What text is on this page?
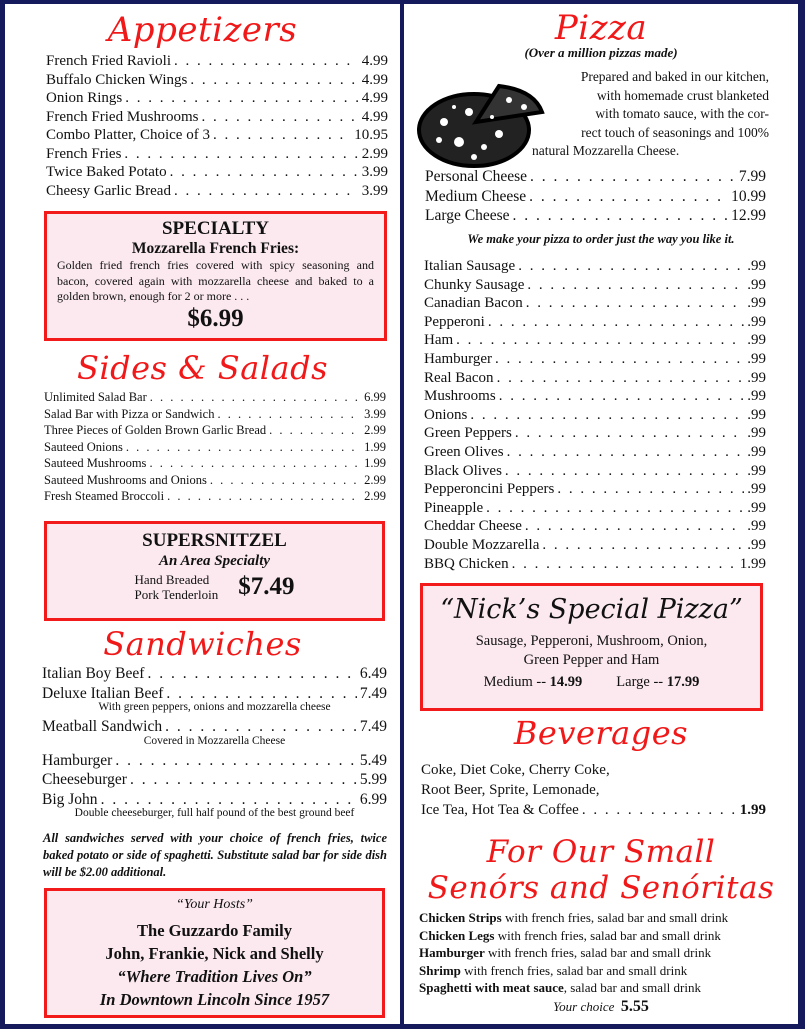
Appetizers
French Fried Ravioli . . .	4.99
Buffalo Chicken Wings . . .	4.99
Onion Rings . . .	4.99
French Fried Mushrooms . . .	4.99
Combo Platter, Choice of 3 . . .	10.95
French Fries . . .	2.99
Twice Baked Potato . . .	3.99
Cheesy Garlic Bread . . .	3.99
SPECIALTY
Mozzarella French Fries:
Golden fried french fries covered with spicy seasoning and bacon, covered again with mozzarella cheese and baked to a golden brown, enough for 2 or more . . .
$6.99
Sides & Salads
Unlimited Salad Bar . . .	6.99
Salad Bar with Pizza or Sandwich . . .	3.99
Three Pieces of Golden Brown Garlic Bread . . .	2.99
Sauteed Onions . . .	1.99
Sauteed Mushrooms . . .	1.99
Sauteed Mushrooms and Onions . . .	2.99
Fresh Steamed Broccoli . . .	2.99
SUPERSNITZEL
An Area Specialty
Hand Breaded
Pork Tenderloin $7.49
Sandwiches
Italian Boy Beef . . .	6.49
Deluxe Italian Beef . . .	7.49
With green peppers, onions and mozzarella cheese
Meatball Sandwich . . .	7.49
Covered in Mozzarella Cheese
Hamburger . . .	5.49
Cheeseburger . . .	5.99
Big John . . .	6.99
Double cheeseburger, full half pound of the best ground beef
All sandwiches served with your choice of french fries, twice baked potato or side of spaghetti. Substitute salad bar for side dish will be $2.00 additional.
“Your Hosts”
The Guzzardo Family
John, Frankie, Nick and Shelly
“Where Tradition Lives On”
In Downtown Lincoln Since 1957
Pizza
(Over a million pizzas made)
Prepared and baked in our kitchen,
with homemade crust blanketed
with tomato sauce, with the cor-
rect touch of seasonings and 100%
natural Mozzarella Cheese.
Personal Cheese . . .	7.99
Medium Cheese . . .	10.99
Large Cheese . . .	12.99
We make your pizza to order just the way you like it.
Italian Sausage . . .	.99
Chunky Sausage . . .	.99
Canadian Bacon . . .	.99
Pepperoni . . .	.99
Ham . . .	.99
Hamburger . . .	.99
Real Bacon . . .	.99
Mushrooms . . .	.99
Onions . . .	.99
Green Peppers . . .	.99
Green Olives . . .	.99
Black Olives . . .	.99
Pepperoncini Peppers . . .	.99
Pineapple . . .	.99
Cheddar Cheese . . .	.99
Double Mozzarella . . .	.99
BBQ Chicken . . .	1.99
“Nick’s Special Pizza”
Sausage, Pepperoni, Mushroom, Onion,
Green Pepper and Ham
Medium -- 14.99 Large -- 17.99
Beverages
Coke, Diet Coke, Cherry Coke,
Root Beer, Sprite, Lemonade,
Ice Tea, Hot Tea & Coffee . . .	1.99
For Our Small
Senórs and Senóritas
Chicken Strips with french fries, salad bar and small drink
Chicken Legs with french fries, salad bar and small drink
Hamburger with french fries, salad bar and small drink
Shrimp with french fries, salad bar and small drink
Spaghetti with meat sauce, salad bar and small drink
Your choice 5.55
